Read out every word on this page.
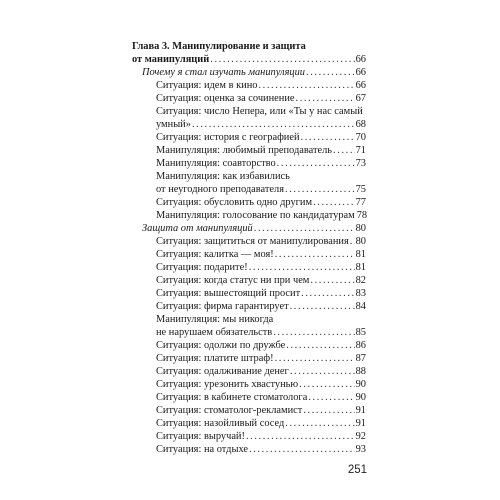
Глава 3. Манипулирование и защита
от манипуляций .....	66
Почему я стал изучать манипуляции .....	66
Ситуация: идем в кино .....	66
Ситуация: оценка за сочинение .....	67
Ситуация: число Непера, или «Ты у нас самый
умный» .....	68
Ситуация: история с географией .....	70
Манипуляция: любимый преподаватель ..... 71
Манипуляция: соавторство .....	73
Манипуляция: как избавились
от неугодного преподавателя .....	75
Ситуация: обусловить одно другим .....	77
Манипуляция: голосование по кандидатурам 78
Защита от манипуляций .....	80
Ситуация: защититься от манипулирования ..... 80
Ситуация: калитка — моя! .....	81
Ситуация: подарите! .....	81
Ситуация: когда статус ни при чем .....	82
Ситуация: вышестоящий просит .....	83
Ситуация: фирма гарантирует .....	84
Манипуляция: мы никогда
не нарушаем обязательств .....	85
Ситуация: одолжи по дружбе .....	86
Ситуация: платите штраф! .....	87
Ситуация: одалживание денег .....	88
Ситуация: урезонить хвастунью .....	90
Ситуация: в кабинете стоматолога .....	90
Ситуация: стоматолог-рекламист .....	91
Ситуация: назойливый сосед .....	91
Ситуация: выручай! .....	92
Ситуация: на отдыхе .....	93
251
